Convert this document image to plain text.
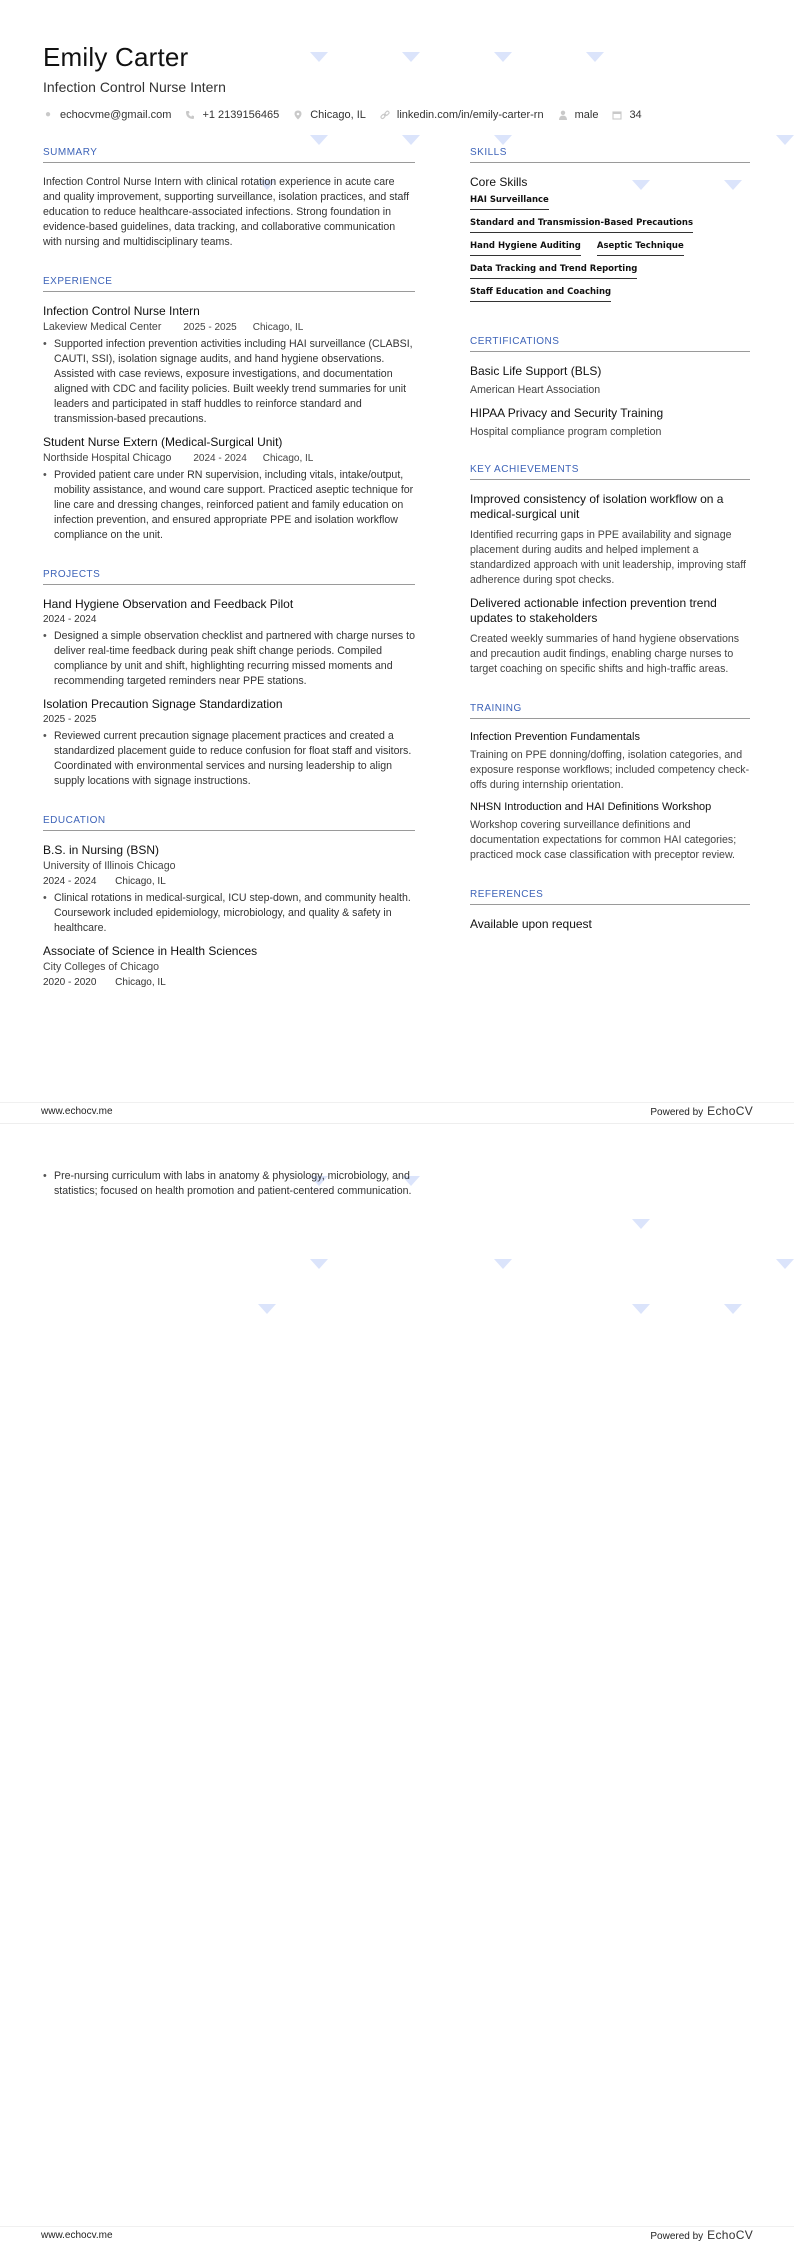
Emily Carter
Infection Control Nurse Intern
● echocvme@gmail.com	+1 2139156465	Chicago, IL	linkedin.com/in/emily-carter-rn	male	34
SUMMARY
Infection Control Nurse Intern with clinical rotation experience in acute care and quality improvement, supporting surveillance, isolation practices, and staff education to reduce healthcare-associated infections. Strong foundation in evidence-based guidelines, data tracking, and collaborative communication with nursing and multidisciplinary teams.
EXPERIENCE
Infection Control Nurse Intern
Lakeview Medical Center 2025 - 2025 Chicago, IL
• Supported infection prevention activities including HAI surveillance (CLABSI, CAUTI, SSI), isolation signage audits, and hand hygiene observations. Assisted with case reviews, exposure investigations, and documentation aligned with CDC and facility policies. Built weekly trend summaries for unit leaders and participated in staff huddles to reinforce standard and transmission-based precautions.
Student Nurse Extern (Medical-Surgical Unit)
Northside Hospital Chicago 2024 - 2024 Chicago, IL
• Provided patient care under RN supervision, including vitals, intake/output, mobility assistance, and wound care support. Practiced aseptic technique for line care and dressing changes, reinforced patient and family education on infection prevention, and ensured appropriate PPE and isolation workflow compliance on the unit.
PROJECTS
Hand Hygiene Observation and Feedback Pilot
2024 - 2024
• Designed a simple observation checklist and partnered with charge nurses to deliver real-time feedback during peak shift change periods. Compiled compliance by unit and shift, highlighting recurring missed moments and recommending targeted reminders near PPE stations.
Isolation Precaution Signage Standardization
2025 - 2025
• Reviewed current precaution signage placement practices and created a standardized placement guide to reduce confusion for float staff and visitors. Coordinated with environmental services and nursing leadership to align supply locations with signage instructions.
EDUCATION
B.S. in Nursing (BSN)
University of Illinois Chicago
2024 - 2024 Chicago, IL
• Clinical rotations in medical-surgical, ICU step-down, and community health. Coursework included epidemiology, microbiology, and quality & safety in healthcare.
Associate of Science in Health Sciences
City Colleges of Chicago
2020 - 2020 Chicago, IL
SKILLS
Core Skills
HAI Surveillance
Standard and Transmission-Based Precautions
Hand Hygiene Auditing Aseptic Technique
Data Tracking and Trend Reporting
Staff Education and Coaching
CERTIFICATIONS
Basic Life Support (BLS)
American Heart Association
HIPAA Privacy and Security Training
Hospital compliance program completion
KEY ACHIEVEMENTS
Improved consistency of isolation workflow on a medical-surgical unit
Identified recurring gaps in PPE availability and signage placement during audits and helped implement a standardized approach with unit leadership, improving staff adherence during spot checks.
Delivered actionable infection prevention trend updates to stakeholders
Created weekly summaries of hand hygiene observations and precaution audit findings, enabling charge nurses to target coaching on specific shifts and high-traffic areas.
TRAINING
Infection Prevention Fundamentals
Training on PPE donning/doffing, isolation categories, and exposure response workflows; included competency check-offs during internship orientation.
NHSN Introduction and HAI Definitions Workshop
Workshop covering surveillance definitions and documentation expectations for common HAI categories; practiced mock case classification with preceptor review.
REFERENCES
Available upon request
www.echocv.me	Powered by EchoCV
• Pre-nursing curriculum with labs in anatomy & physiology, microbiology, and statistics; focused on health promotion and patient-centered communication.
www.echocv.me	Powered by EchoCV
